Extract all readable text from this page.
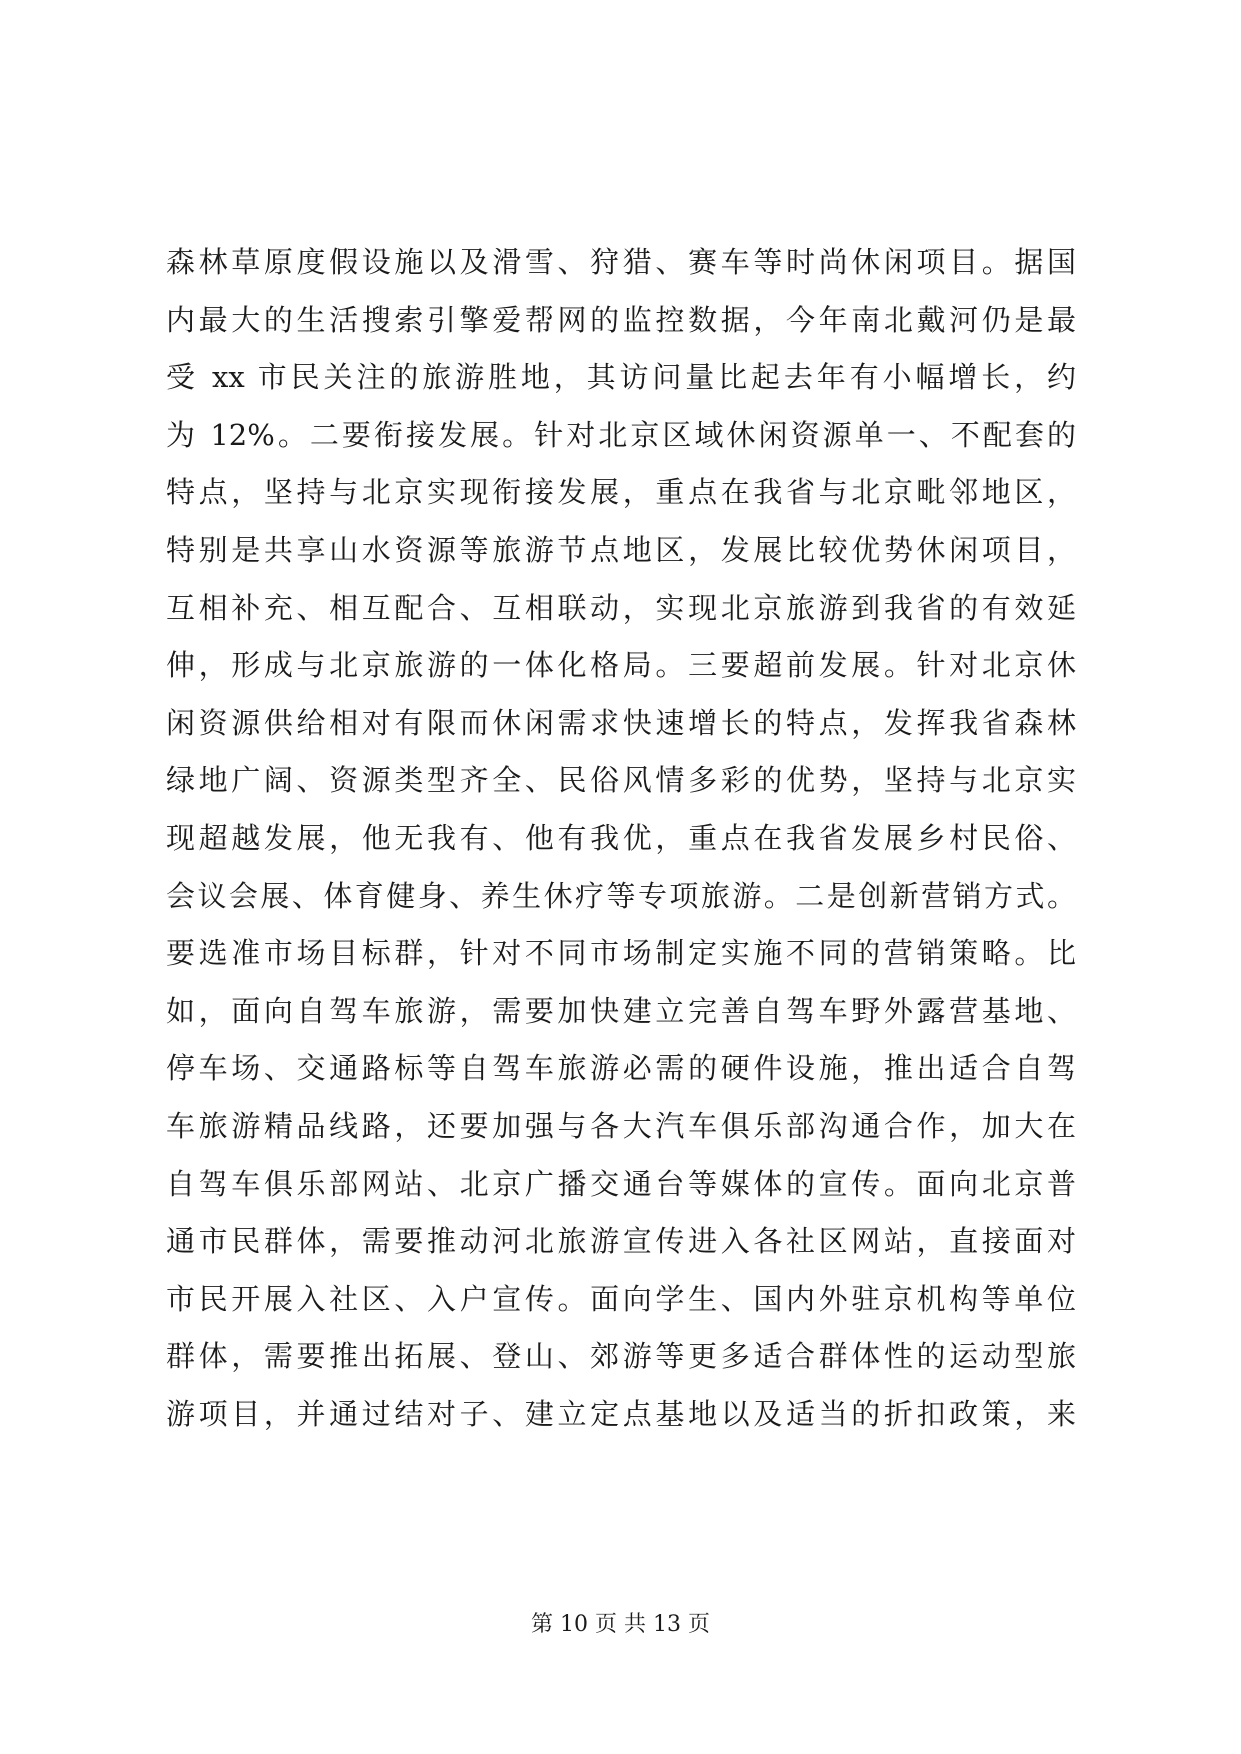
森林草原度假设施以及滑雪、狩猎、赛车等时尚休闲项目。据国
内最大的生活搜索引擎爱帮网的监控数据，今年南北戴河仍是最
受 xx 市民关注的旅游胜地，其访问量比起去年有小幅增长，约
为 12%。二要衔接发展。针对北京区域休闲资源单一、不配套的
特点，坚持与北京实现衔接发展，重点在我省与北京毗邻地区，
特别是共享山水资源等旅游节点地区，发展比较优势休闲项目，
互相补充、相互配合、互相联动，实现北京旅游到我省的有效延
伸，形成与北京旅游的一体化格局。三要超前发展。针对北京休
闲资源供给相对有限而休闲需求快速增长的特点，发挥我省森林
绿地广阔、资源类型齐全、民俗风情多彩的优势，坚持与北京实
现超越发展，他无我有、他有我优，重点在我省发展乡村民俗、
会议会展、体育健身、养生休疗等专项旅游。二是创新营销方式。
要选准市场目标群，针对不同市场制定实施不同的营销策略。比
如，面向自驾车旅游，需要加快建立完善自驾车野外露营基地、
停车场、交通路标等自驾车旅游必需的硬件设施，推出适合自驾
车旅游精品线路，还要加强与各大汽车俱乐部沟通合作，加大在
自驾车俱乐部网站、北京广播交通台等媒体的宣传。面向北京普
通市民群体，需要推动河北旅游宣传进入各社区网站，直接面对
市民开展入社区、入户宣传。面向学生、国内外驻京机构等单位
群体，需要推出拓展、登山、郊游等更多适合群体性的运动型旅
游项目，并通过结对子、建立定点基地以及适当的折扣政策，来
第 10 页 共 13 页
